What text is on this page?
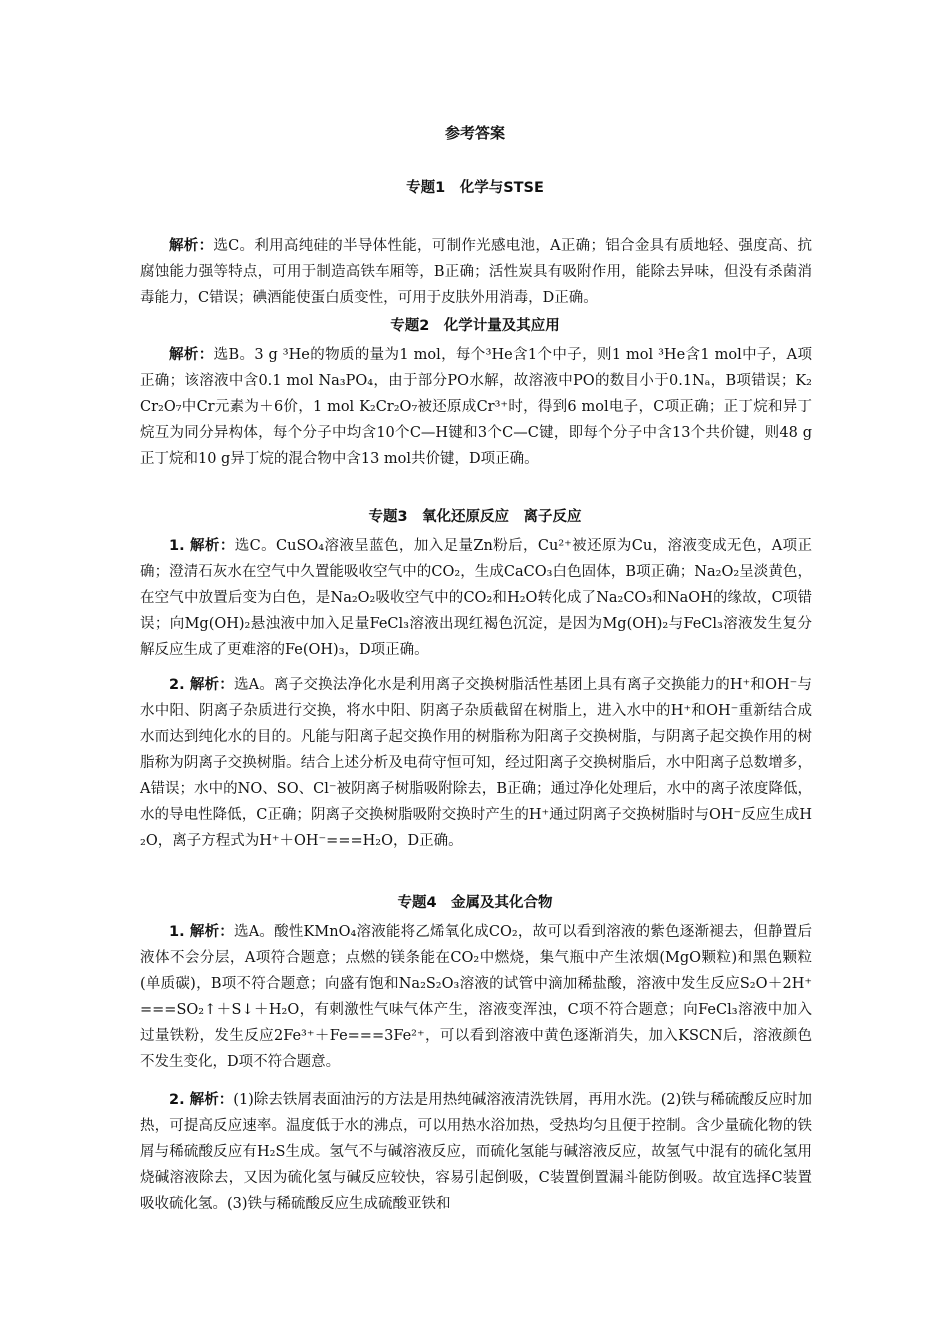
参考答案
专题1　化学与STSE
解析：选C。利用高纯硅的半导体性能，可制作光感电池，A正确；铝合金具有质地轻、强度高、抗腐蚀能力强等特点，可用于制造高铁车厢等，B正确；活性炭具有吸附作用，能除去异味，但没有杀菌消毒能力，C错误；碘酒能使蛋白质变性，可用于皮肤外用消毒，D正确。
专题2　化学计量及其应用
解析：选B。3 g ³He的物质的量为1 mol，每个³He含1个中子，则1 mol ³He含1 mol中子，A项正确；该溶液中含0.1 mol Na₃PO₄，由于部分PO水解，故溶液中PO的数目小于0.1Nₐ，B项错误；K₂Cr₂O₇中Cr元素为＋6价，1 mol K₂Cr₂O₇被还原成Cr³⁺时，得到6 mol电子，C项正确；正丁烷和异丁烷互为同分异构体，每个分子中均含10个C—H键和3个C—C键，即每个分子中含13个共价键，则48 g正丁烷和10 g异丁烷的混合物中含13 mol共价键，D项正确。
专题3　氧化还原反应　离子反应
1. 解析：选C。CuSO₄溶液呈蓝色，加入足量Zn粉后，Cu²⁺被还原为Cu，溶液变成无色，A项正确；澄清石灰水在空气中久置能吸收空气中的CO₂，生成CaCO₃白色固体，B项正确；Na₂O₂呈淡黄色，在空气中放置后变为白色，是Na₂O₂吸收空气中的CO₂和H₂O转化成了Na₂CO₃和NaOH的缘故，C项错误；向Mg(OH)₂悬浊液中加入足量FeCl₃溶液出现红褐色沉淀，是因为Mg(OH)₂与FeCl₃溶液发生复分解反应生成了更难溶的Fe(OH)₃，D项正确。
2. 解析：选A。离子交换法净化水是利用离子交换树脂活性基团上具有离子交换能力的H⁺和OH⁻与水中阳、阴离子杂质进行交换，将水中阳、阴离子杂质截留在树脂上，进入水中的H⁺和OH⁻重新结合成水而达到纯化水的目的。凡能与阳离子起交换作用的树脂称为阳离子交换树脂，与阴离子起交换作用的树脂称为阴离子交换树脂。结合上述分析及电荷守恒可知，经过阳离子交换树脂后，水中阳离子总数增多，A错误；水中的NO、SO、Cl⁻被阴离子树脂吸附除去，B正确；通过净化处理后，水中的离子浓度降低，水的导电性降低，C正确；阴离子交换树脂吸附交换时产生的H⁺通过阴离子交换树脂时与OH⁻反应生成H₂O，离子方程式为H⁺＋OH⁻===H₂O，D正确。
专题4　金属及其化合物
1. 解析：选A。酸性KMnO₄溶液能将乙烯氧化成CO₂，故可以看到溶液的紫色逐渐褪去，但静置后液体不会分层，A项符合题意；点燃的镁条能在CO₂中燃烧，集气瓶中产生浓烟(MgO颗粒)和黑色颗粒(单质碳)，B项不符合题意；向盛有饱和Na₂S₂O₃溶液的试管中滴加稀盐酸，溶液中发生反应S₂O＋2H⁺===SO₂↑＋S↓＋H₂O，有刺激性气味气体产生，溶液变浑浊，C项不符合题意；向FeCl₃溶液中加入过量铁粉，发生反应2Fe³⁺＋Fe===3Fe²⁺，可以看到溶液中黄色逐渐消失，加入KSCN后，溶液颜色不发生变化，D项不符合题意。
2. 解析：(1)除去铁屑表面油污的方法是用热纯碱溶液清洗铁屑，再用水洗。(2)铁与稀硫酸反应时加热，可提高反应速率。温度低于水的沸点，可以用热水浴加热，受热均匀且便于控制。含少量硫化物的铁屑与稀硫酸反应有H₂S生成。氢气不与碱溶液反应，而硫化氢能与碱溶液反应，故氢气中混有的硫化氢用烧碱溶液除去，又因为硫化氢与碱反应较快，容易引起倒吸，C装置倒置漏斗能防倒吸。故宜选择C装置吸收硫化氢。(3)铁与稀硫酸反应生成硫酸亚铁和
